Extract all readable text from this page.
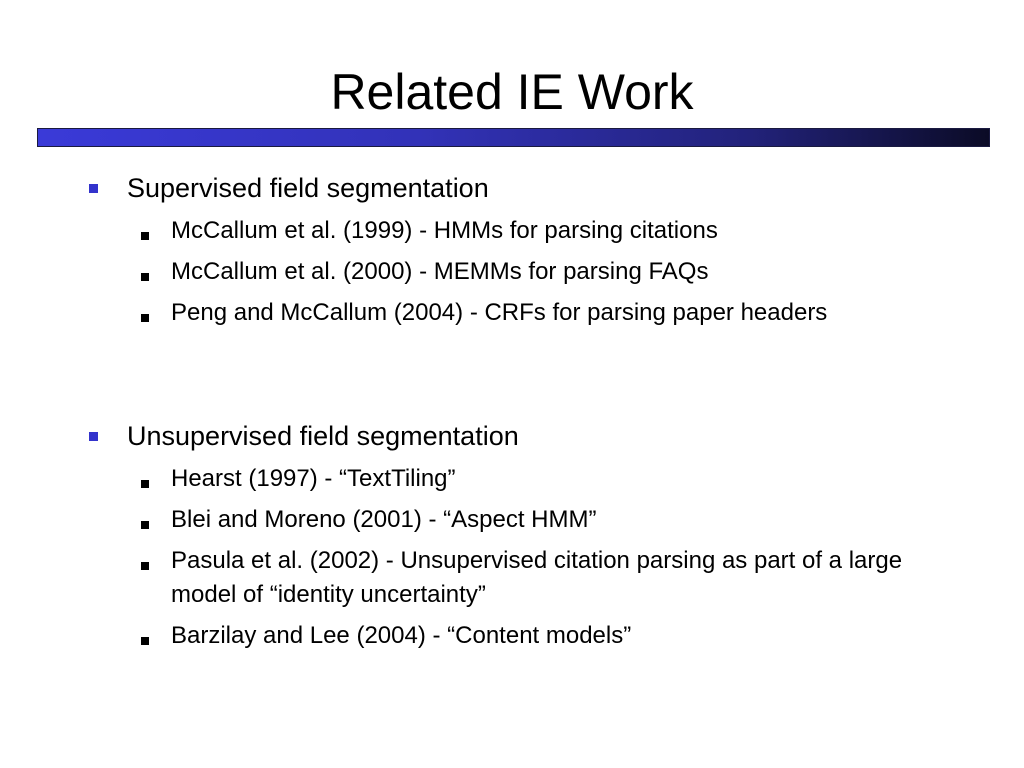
Related IE Work
Supervised field segmentation
McCallum et al. (1999) - HMMs for parsing citations
McCallum et al. (2000) - MEMMs for parsing FAQs
Peng and McCallum (2004) - CRFs for parsing paper headers
Unsupervised field segmentation
Hearst (1997) - “TextTiling”
Blei and Moreno (2001) - “Aspect HMM”
Pasula et al. (2002) - Unsupervised citation parsing as part of a large model of “identity uncertainty”
Barzilay and Lee (2004) - “Content models”
